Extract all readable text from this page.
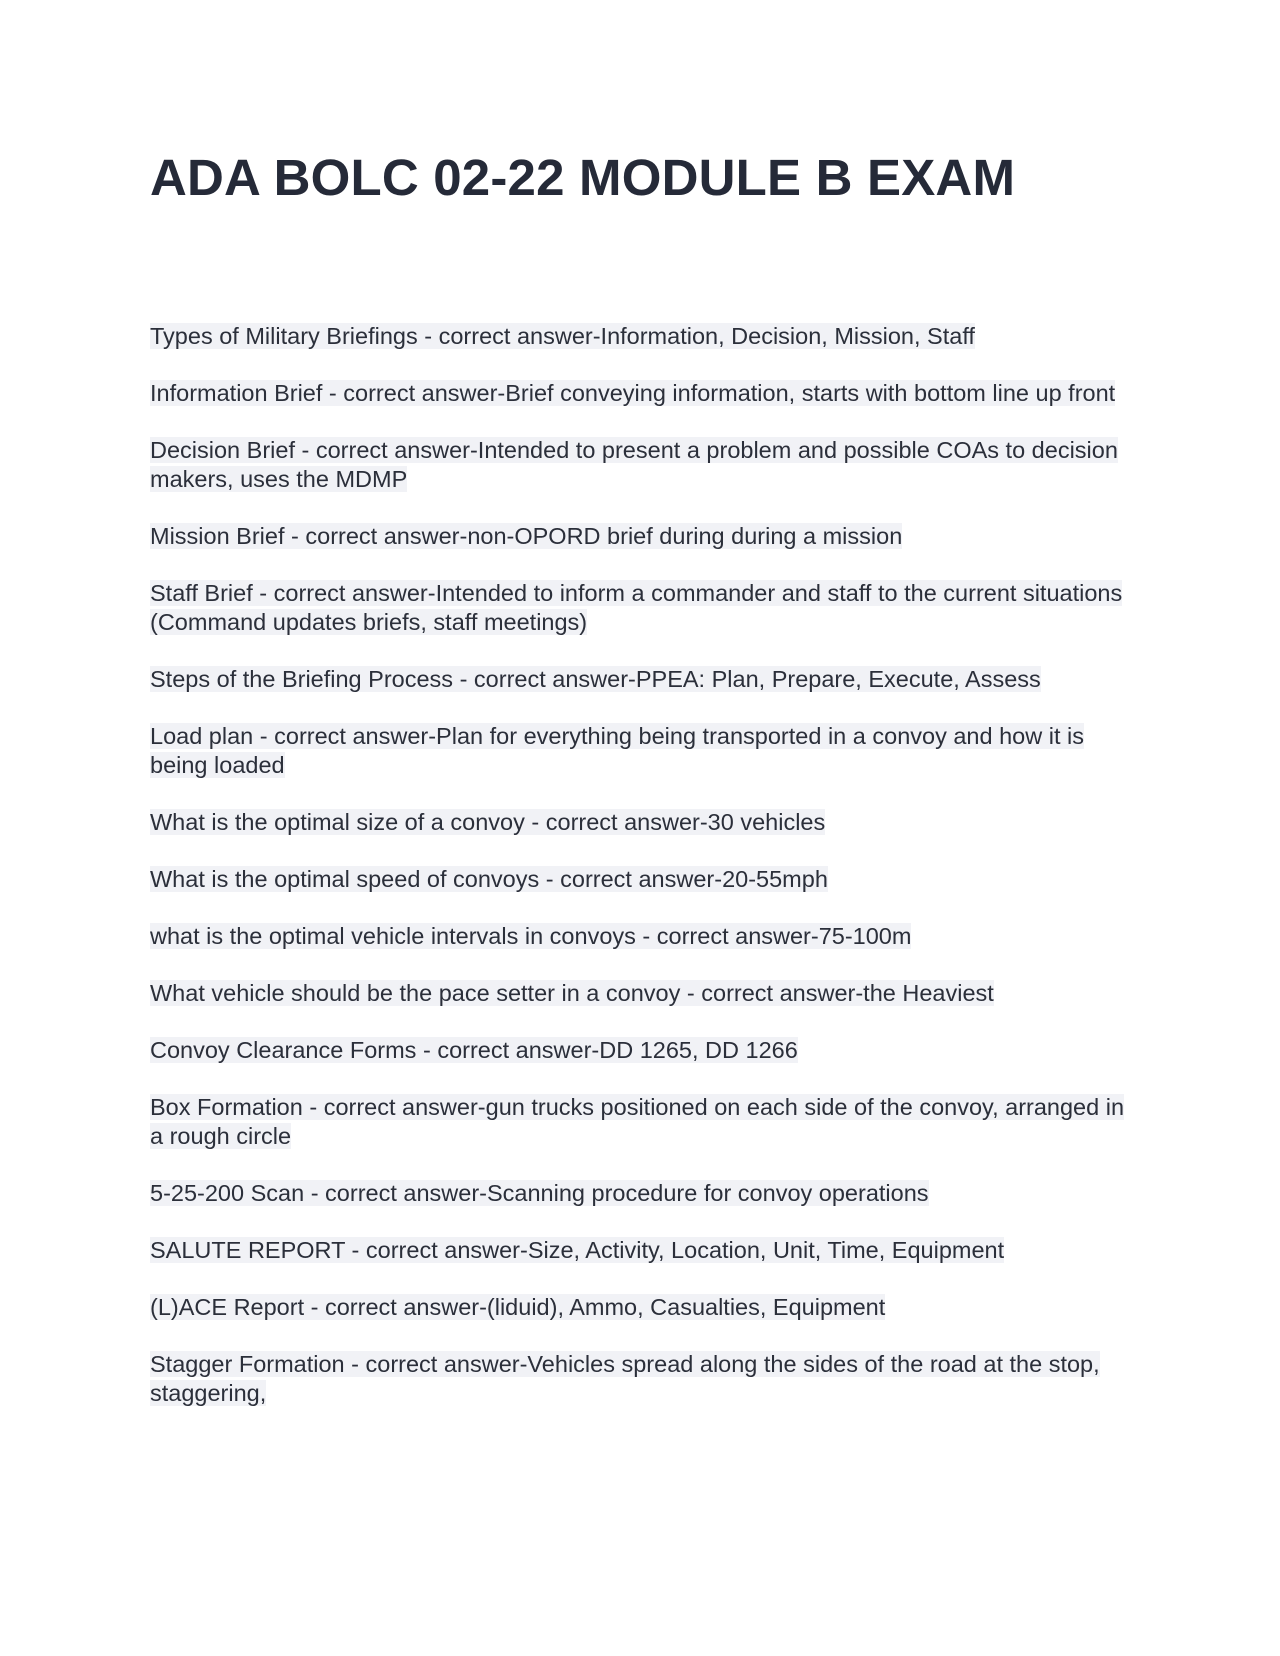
ADA BOLC 02-22 MODULE B EXAM
Types of Military Briefings - correct answer-Information, Decision, Mission, Staff
Information Brief - correct answer-Brief conveying information, starts with bottom line up front
Decision Brief - correct answer-Intended to present a problem and possible COAs to decision makers, uses the MDMP
Mission Brief - correct answer-non-OPORD brief during during a mission
Staff Brief - correct answer-Intended to inform a commander and staff to the current situations (Command updates briefs, staff meetings)
Steps of the Briefing Process - correct answer-PPEA: Plan, Prepare, Execute, Assess
Load plan - correct answer-Plan for everything being transported in a convoy and how it is being loaded
What is the optimal size of a convoy - correct answer-30 vehicles
What is the optimal speed of convoys - correct answer-20-55mph
what is the optimal vehicle intervals in convoys - correct answer-75-100m
What vehicle should be the pace setter in a convoy - correct answer-the Heaviest
Convoy Clearance Forms - correct answer-DD 1265, DD 1266
Box Formation - correct answer-gun trucks positioned on each side of the convoy, arranged in a rough circle
5-25-200 Scan - correct answer-Scanning procedure for convoy operations
SALUTE REPORT - correct answer-Size, Activity, Location, Unit, Time, Equipment
(L)ACE Report - correct answer-(liduid), Ammo, Casualties, Equipment
Stagger Formation - correct answer-Vehicles spread along the sides of the road at the stop, staggering,
